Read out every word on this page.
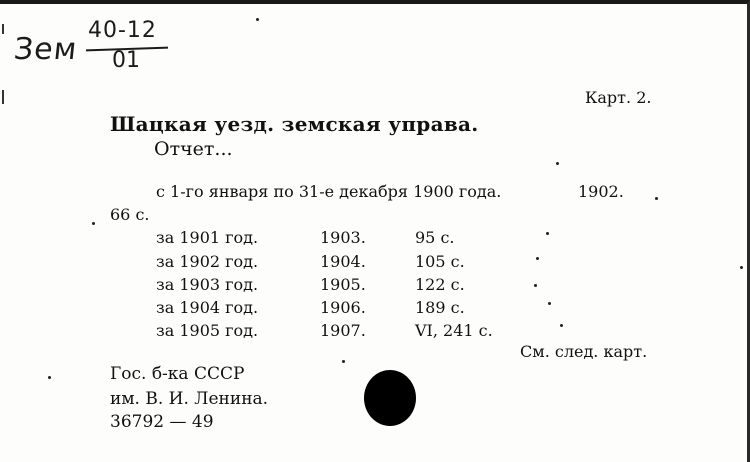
Зем
40-12
01
Карт. 2.
Шацкая уезд. земская управа.
Отчет...
с 1-го января по 31-е декабря 1900 года.	1902.
66 с.
за 1901 год.	1903.	95 с.
за 1902 год.	1904.	105 с.
за 1903 год.	1905.	122 с.
за 1904 год.	1906.	189 с.
за 1905 год.	1907.	VI, 241 с.
См. след. карт.
Гос. б-ка СССР
им. В. И. Ленина.
36792 — 49
